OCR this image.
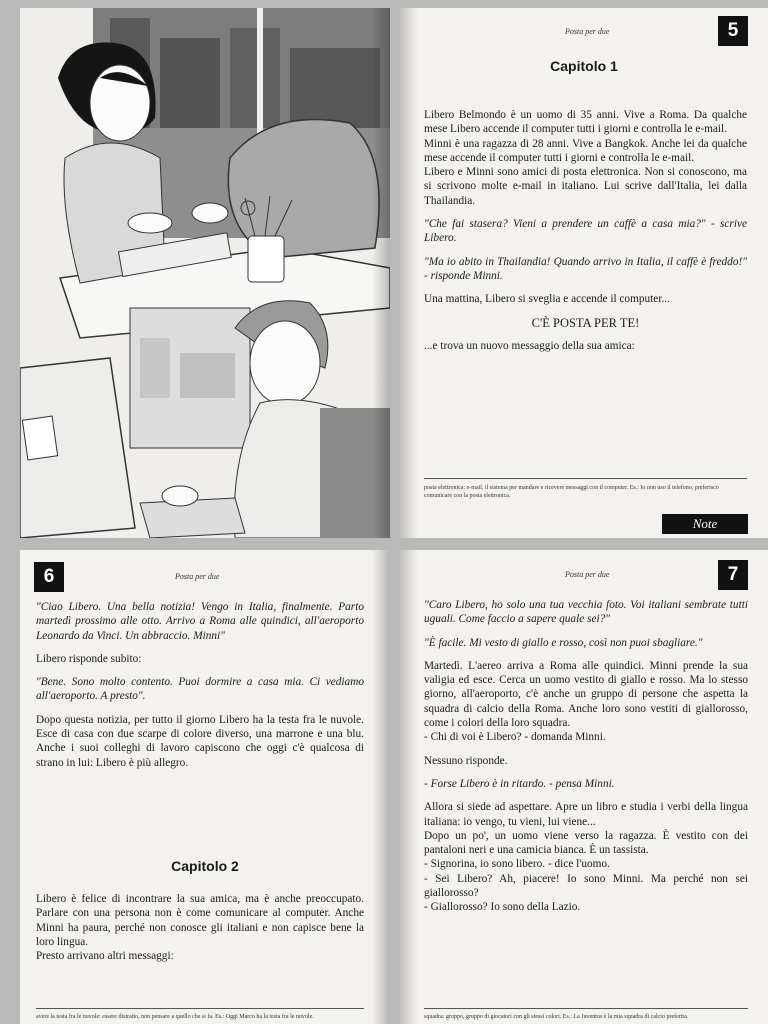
Posta per due	5
Capitolo 1

Libero Belmondo è un uomo di 35 anni. Vive a Roma. Da qualche mese Libero accende il computer tutti i giorni e controlla le e-mail.

Minni è una ragazza di 28 anni. Vive a Bangkok. Anche lei da qualche mese accende il computer tutti i giorni e controlla le e-mail.

Libero e Minni sono amici di posta elettronica. Non si conoscono, ma si scrivono molte e-mail in italiano. Lui scrive dall'Italia, lei dalla Thailandia.

"Che fai stasera? Vieni a prendere un caffè a casa mia?" - scrive Libero.

"Ma io abito in Thailandia! Quando arrivo in Italia, il caffè è freddo!" - risponde Minni.

Una mattina, Libero si sveglia e accende il computer...

C'È POSTA PER TE!

...e trova un nuovo messaggio della sua amica:

posta elettronica: e-mail, il sistema per mandare e ricevere messaggi con il computer. Es.: Io non uso il telefono, preferisco comunicare con la posta elettronica.
Note
6	Posta per due

"Ciao Libero. Una bella notizia! Vengo in Italia, finalmente. Parto martedì prossimo alle otto. Arrivo a Roma alle quindici, all'aeroporto Leonardo da Vinci. Un abbraccio. Minni"

Libero risponde subito:

"Bene. Sono molto contento. Puoi dormire a casa mia. Ci vediamo all'aeroporto. A presto".

Dopo questa notizia, per tutto il giorno Libero ha la testa fra le nuvole. Esce di casa con due scarpe di colore diverso, una marrone e una blu. Anche i suoi colleghi di lavoro capiscono che oggi c'è qualcosa di strano in lui: Libero è più allegro.

Capitolo 2

Libero è felice di incontrare la sua amica, ma è anche preoccupato. Parlare con una persona non è come comunicare al computer. Anche Minni ha paura, perché non conosce gli italiani e non capisce bene la loro lingua.

Presto arrivano altri messaggi:

avere la testa fra le nuvole: essere distratto, non pensare a quello che si fa. Es.: Oggi Marco ha la testa fra le nuvole.
Posta per due	7

"Caro Libero, ho solo una tua vecchia foto. Voi italiani sembrate tutti uguali. Come faccio a sapere quale sei?"

"È facile. Mi vesto di giallo e rosso, così non puoi sbagliare."

Martedì. L'aereo arriva a Roma alle quindici. Minni prende la sua valigia ed esce. Cerca un uomo vestito di giallo e rosso. Ma lo stesso giorno, all'aeroporto, c'è anche un gruppo di persone che aspetta la squadra di calcio della Roma. Anche loro sono vestiti di giallorosso, come i colori della loro squadra.

- Chi di voi è Libero? - domanda Minni.

Nessuno risponde.

- Forse Libero è in ritardo. - pensa Minni.

Allora si siede ad aspettare. Apre un libro e studia i verbi della lingua italiana: io vengo, tu vieni, lui viene...

Dopo un po', un uomo viene verso la ragazza. È vestito con dei pantaloni neri e una camicia bianca. È un tassista.

- Signorina, io sono libero. - dice l'uomo.

- Sei Libero? Ah, piacere! Io sono Minni. Ma perché non sei giallorosso?

- Giallorosso? Io sono della Lazio.

squadra: gruppo, gruppo di giocatori con gli stessi colori. Es.: La Juventus è la mia squadra di calcio preferita.
